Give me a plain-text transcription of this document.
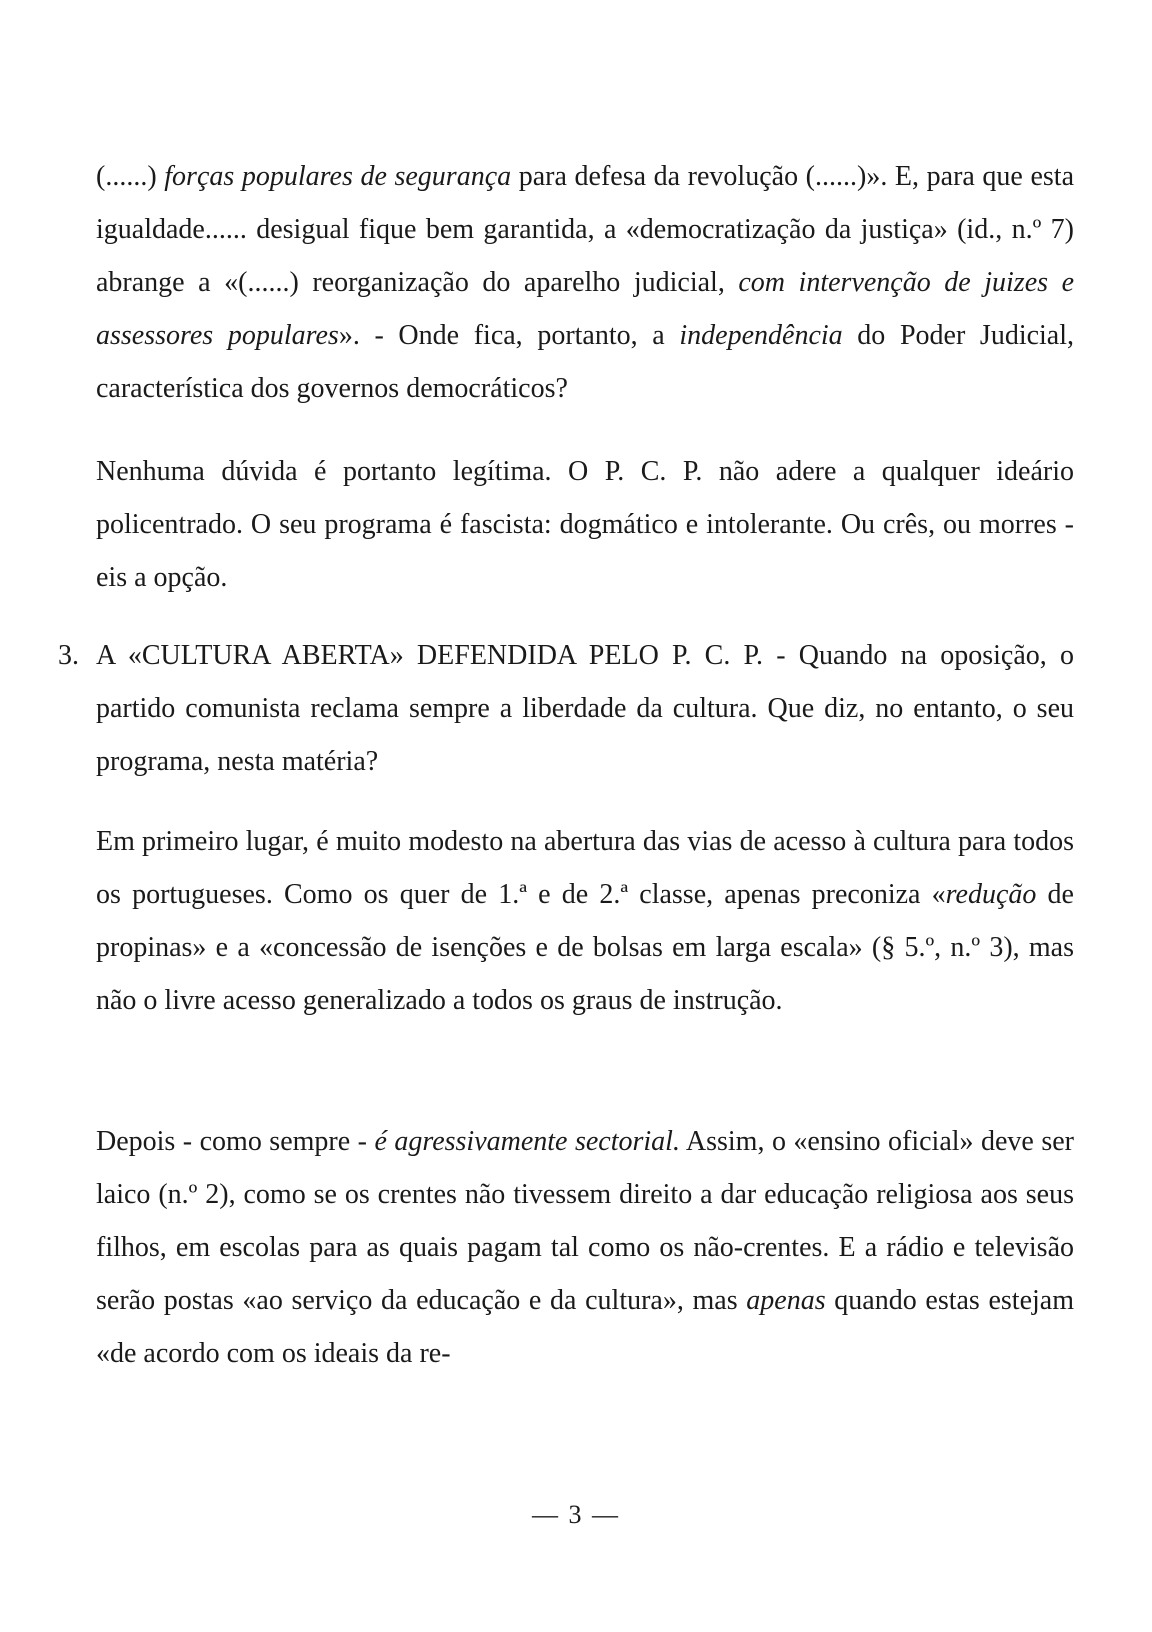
(......) forças populares de segurança para defesa da revolução (......)». E, para que esta igualdade...... desigual fique bem garantida, a «democratização da justiça» (id., n.º 7) abrange a «(......) reorganização do aparelho judicial, com intervenção de juizes e assessores populares». - Onde fica, portanto, a independência do Poder Judicial, característica dos governos democráticos?

Nenhuma dúvida é portanto legítima. O P. C. P. não adere a qualquer ideário policentrado. O seu programa é fascista: dogmático e intolerante. Ou crês, ou morres - eis a opção.

3. A «CULTURA ABERTA» DEFENDIDA PELO P. C. P. - Quando na oposição, o partido comunista reclama sempre a liberdade da cultura. Que diz, no entanto, o seu programa, nesta matéria?

Em primeiro lugar, é muito modesto na abertura das vias de acesso à cultura para todos os portugueses. Como os quer de 1.ª e de 2.ª classe, apenas preconiza «redução de propinas» e a «concessão de isenções e de bolsas em larga escala» (§ 5.º, n.º 3), mas não o livre acesso generalizado a todos os graus de instrução.

Depois - como sempre - é agressivamente sectorial. Assim, o «ensino oficial» deve ser laico (n.º 2), como se os crentes não tivessem direito a dar educação religiosa aos seus filhos, em escolas para as quais pagam tal como os não-crentes. E a rádio e televisão serão postas «ao serviço da educação e da cultura», mas apenas quando estas estejam «de acordo com os ideais da re-

— 3 —
